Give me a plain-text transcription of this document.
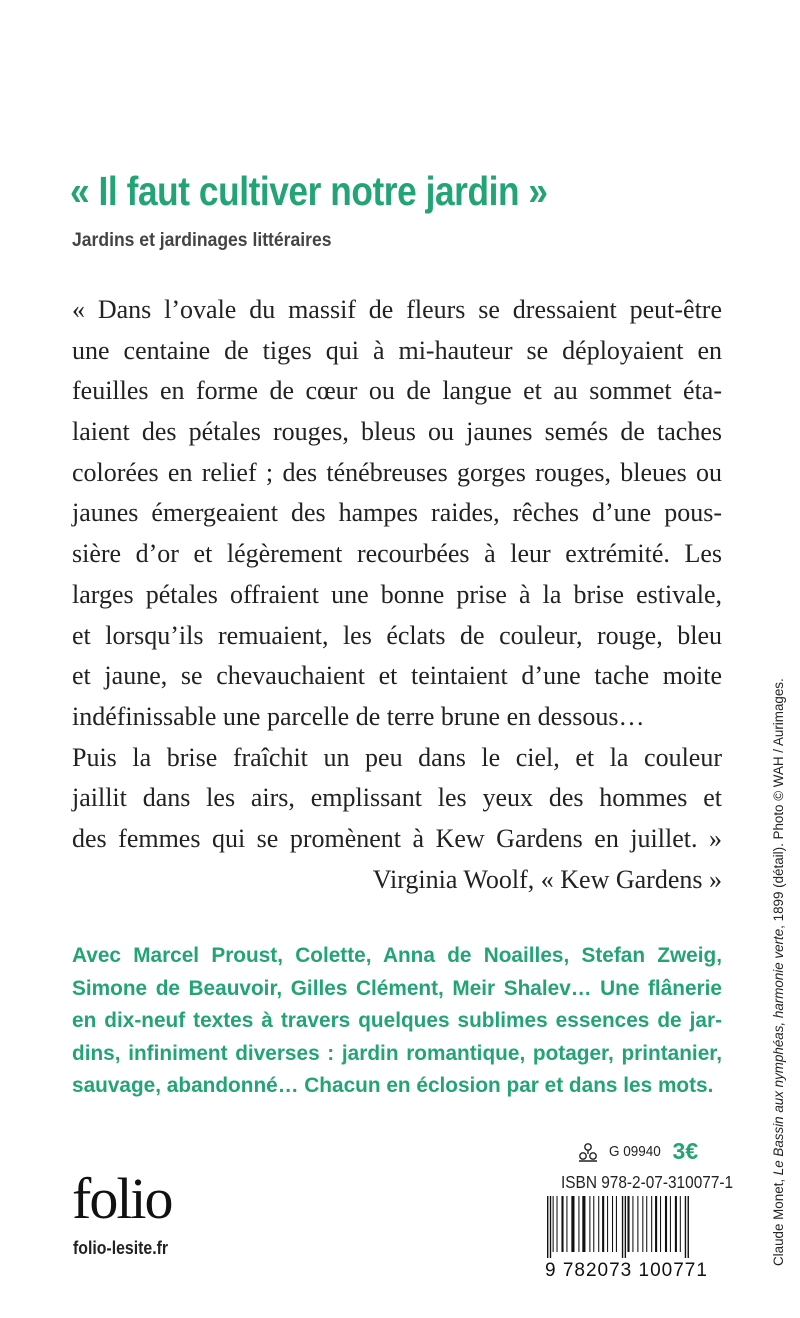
« Il faut cultiver notre jardin »
Jardins et jardinages littéraires
« Dans l’ovale du massif de fleurs se dressaient peut-être
une centaine de tiges qui à mi-hauteur se déployaient en
feuilles en forme de cœur ou de langue et au sommet éta-
laient des pétales rouges, bleus ou jaunes semés de taches
colorées en relief ; des ténébreuses gorges rouges, bleues ou
jaunes émergeaient des hampes raides, rêches d’une pous-
sière d’or et légèrement recourbées à leur extrémité. Les
larges pétales offraient une bonne prise à la brise estivale,
et lorsqu’ils remuaient, les éclats de couleur, rouge, bleu
et jaune, se chevauchaient et teintaient d’une tache moite
indéfinissable une parcelle de terre brune en dessous…
Puis la brise fraîchit un peu dans le ciel, et la couleur
jaillit dans les airs, emplissant les yeux des hommes et
des femmes qui se promènent à Kew Gardens en juillet. »
Virginia Woolf, « Kew Gardens »
Avec Marcel Proust, Colette, Anna de Noailles, Stefan Zweig,
Simone de Beauvoir, Gilles Clément, Meir Shalev… Une flânerie
en dix-neuf textes à travers quelques sublimes essences de jar-
dins, infiniment diverses : jardin romantique, potager, printanier,
sauvage, abandonné… Chacun en éclosion par et dans les mots.
folio
folio-lesite.fr
G 09940 3€
ISBN 978-2-07-310077-1
9 782073 100771
Claude Monet, Le Bassin aux nymphéas, harmonie verte, 1899 (détail). Photo © WAH / Aurimages.
